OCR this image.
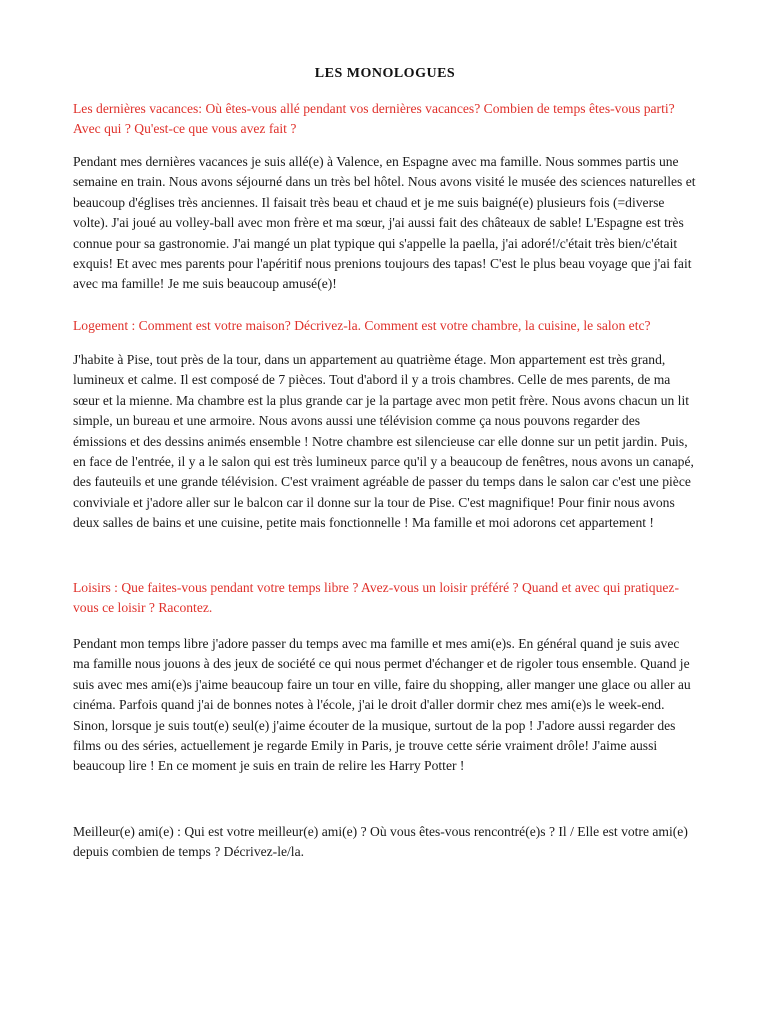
LES MONOLOGUES
Les dernières vacances: Où êtes-vous allé pendant vos dernières vacances? Combien de temps êtes-vous parti? Avec qui ? Qu'est-ce que vous avez fait ?
Pendant mes dernières vacances je suis allé(e) à Valence, en Espagne avec ma famille. Nous sommes partis une semaine en train. Nous avons séjourné dans un très bel hôtel. Nous avons visité le musée des sciences naturelles et beaucoup d'églises très anciennes. Il faisait très beau et chaud et je me suis baigné(e) plusieurs fois (=diverse volte). J'ai joué au volley-ball avec mon frère et ma sœur, j'ai aussi fait des châteaux de sable! L'Espagne est très connue pour sa gastronomie. J'ai mangé un plat typique qui s'appelle la paella, j'ai adoré!/c'était très bien/c'était exquis! Et avec mes parents pour l'apéritif nous prenions toujours des tapas! C'est le plus beau voyage que j'ai fait avec ma famille! Je me suis beaucoup amusé(e)!
Logement : Comment est votre maison? Décrivez-la. Comment est votre chambre, la cuisine, le salon etc?
J'habite à Pise, tout près de la tour, dans un appartement au quatrième étage. Mon appartement est très grand, lumineux et calme. Il est composé de 7 pièces. Tout d'abord il y a trois chambres. Celle de mes parents, de ma sœur et la mienne. Ma chambre est la plus grande car je la partage avec mon petit frère. Nous avons chacun un lit simple, un bureau et une armoire. Nous avons aussi une télévision comme ça nous pouvons regarder des émissions et des dessins animés ensemble ! Notre chambre est silencieuse car elle donne sur un petit jardin. Puis, en face de l'entrée, il y a le salon qui est très lumineux parce qu'il y a beaucoup de fenêtres, nous avons un canapé, des fauteuils et une grande télévision. C'est vraiment agréable de passer du temps dans le salon car c'est une pièce conviviale et j'adore aller sur le balcon car il donne sur la tour de Pise. C'est magnifique! Pour finir nous avons deux salles de bains et une cuisine, petite mais fonctionnelle ! Ma famille et moi adorons cet appartement !
Loisirs : Que faites-vous pendant votre temps libre ? Avez-vous un loisir préféré ? Quand et avec qui pratiquez-vous ce loisir ? Racontez.
Pendant mon temps libre j'adore passer du temps avec ma famille et mes ami(e)s. En général quand je suis avec ma famille nous jouons à des jeux de société ce qui nous permet d'échanger et de rigoler tous ensemble. Quand je suis avec mes ami(e)s j'aime beaucoup faire un tour en ville, faire du shopping, aller manger une glace ou aller au cinéma. Parfois quand j'ai de bonnes notes à l'école, j'ai le droit d'aller dormir chez mes ami(e)s le week-end. Sinon, lorsque je suis tout(e) seul(e) j'aime écouter de la musique, surtout de la pop ! J'adore aussi regarder des films ou des séries, actuellement je regarde Emily in Paris, je trouve cette série vraiment drôle! J'aime aussi beaucoup lire ! En ce moment je suis en train de relire les Harry Potter !
Meilleur(e) ami(e) : Qui est votre meilleur(e) ami(e) ? Où vous êtes-vous rencontré(e)s ? Il / Elle est votre ami(e) depuis combien de temps ? Décrivez-le/la.
